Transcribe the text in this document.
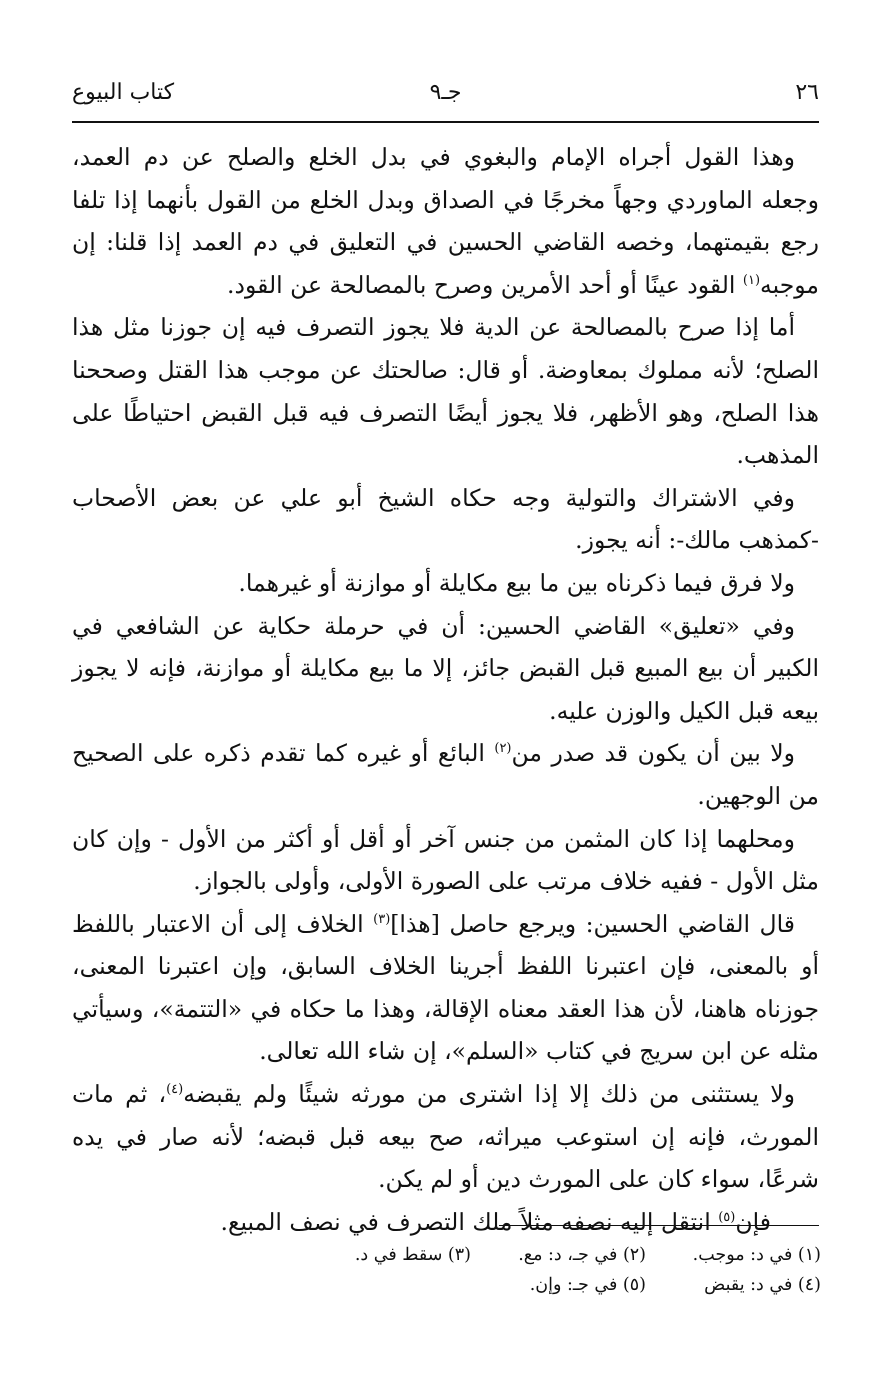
٢٦
جـ٩
كتاب البيوع

وهذا القول أجراه الإمام والبغوي في بدل الخلع والصلح عن دم العمد، وجعله الماوردي وجهاً مخرجًا في الصداق وبدل الخلع من القول بأنهما إذا تلفا رجع بقيمتهما، وخصه القاضي الحسين في التعليق في دم العمد إذا قلنا: إن موجبه$^{(١)}$ القود عينًا أو أحد الأمرين وصرح بالمصالحة عن القود.

أما إذا صرح بالمصالحة عن الدية فلا يجوز التصرف فيه إن جوزنا مثل هذا الصلح؛ لأنه مملوك بمعاوضة. أو قال: صالحتك عن موجب هذا القتل وصححنا هذا الصلح، وهو الأظهر، فلا يجوز أيضًا التصرف فيه قبل القبض احتياطًا على المذهب.

وفي الاشتراك والتولية وجه حكاه الشيخ أبو علي عن بعض الأصحاب -كمذهب مالك-: أنه يجوز.

ولا فرق فيما ذكرناه بين ما بيع مكايلة أو موازنة أو غيرهما.

وفي «تعليق» القاضي الحسين: أن في حرملة حكاية عن الشافعي في الكبير أن بيع المبيع قبل القبض جائز، إلا ما بيع مكايلة أو موازنة، فإنه لا يجوز بيعه قبل الكيل والوزن عليه.

ولا بين أن يكون قد صدر من$^{(٢)}$ البائع أو غيره كما تقدم ذكره على الصحيح من الوجهين.

ومحلهما إذا كان المثمن من جنس آخر أو أقل أو أكثر من الأول - وإن كان مثل الأول - ففيه خلاف مرتب على الصورة الأولى، وأولى بالجواز.

قال القاضي الحسين: ويرجع حاصل [هذا]$^{(٣)}$ الخلاف إلى أن الاعتبار باللفظ أو بالمعنى، فإن اعتبرنا اللفظ أجرينا الخلاف السابق، وإن اعتبرنا المعنى، جوزناه هاهنا، لأن هذا العقد معناه الإقالة، وهذا ما حكاه في «التتمة»، وسيأتي مثله عن ابن سريج في كتاب «السلم»، إن شاء الله تعالى.

ولا يستثنى من ذلك إلا إذا اشترى من مورثه شيئًا ولم يقبضه$^{(٤)}$، ثم مات المورث، فإنه إن استوعب ميراثه، صح بيعه قبل قبضه؛ لأنه صار في يده شرعًا، سواء كان على المورث دين أو لم يكن.

فإن$^{(٥)}$ انتقل إليه نصفه مثلاً ملك التصرف في نصف المبيع.

(١) في د: موجب.
(٢) في جـ، د: مع.
(٣) سقط في د.
(٤) في د: يقبض
(٥) في جـ: وإن.
